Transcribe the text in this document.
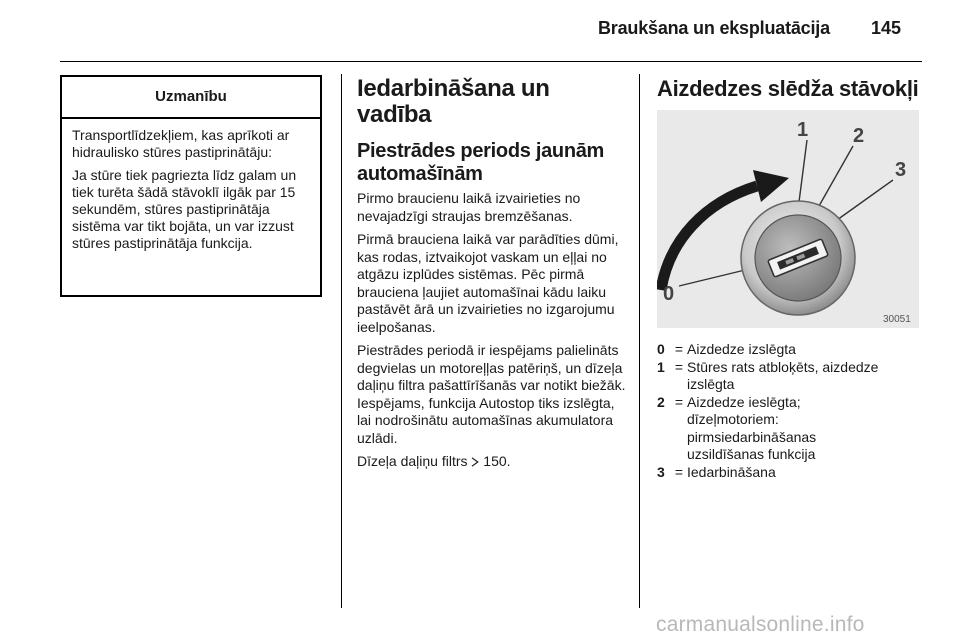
Braukšana un ekspluatācija 145
Uzmanību

Transportlīdzekļiem, kas aprīkoti ar hidraulisko stūres pastiprinātāju:

Ja stūre tiek pagriezta līdz galam un tiek turēta šādā stāvoklī ilgāk par 15 sekundēm, stūres pastiprinātāja sistēma var tikt bojāta, un var izzust stūres pastiprinātāja funkcija.

Iedarbināšana un vadība
Piestrādes periods jaunām automašīnām

Pirmo braucienu laikā izvairieties no nevajadzīgi straujas bremzēšanas.

Pirmā brauciena laikā var parādīties dūmi, kas rodas, iztvaikojot vaskam un eļļai no atgāzu izplūdes sistēmas. Pēc pirmā brauciena ļaujiet automašīnai kādu laiku pastāvēt ārā un izvairieties no izgarojumu ieelpošanas.

Piestrādes periodā ir iespējams palielināts degvielas un motoreļļas patēriņš, un dīzeļa daļiņu filtra pašattīrīšanās var notikt biežāk. Iespējams, funkcija Autostop tiks izslēgta, lai nodrošinātu automašīnas akumulatora uzlādi.

Dīzeļa daļiņu filtrs 150.

Aizdedzes slēdža stāvokļi
1 2
3
0
30051
0 = Aizdedze izslēgta
1 = Stūres rats atbloķēts, aizdedze izslēgta
2 = Aizdedze ieslēgta; dīzeļmotoriem: pirmsiedarbināšanas uzsildīšanas funkcija
3 = Iedarbināšana
carmanualsonline.info
